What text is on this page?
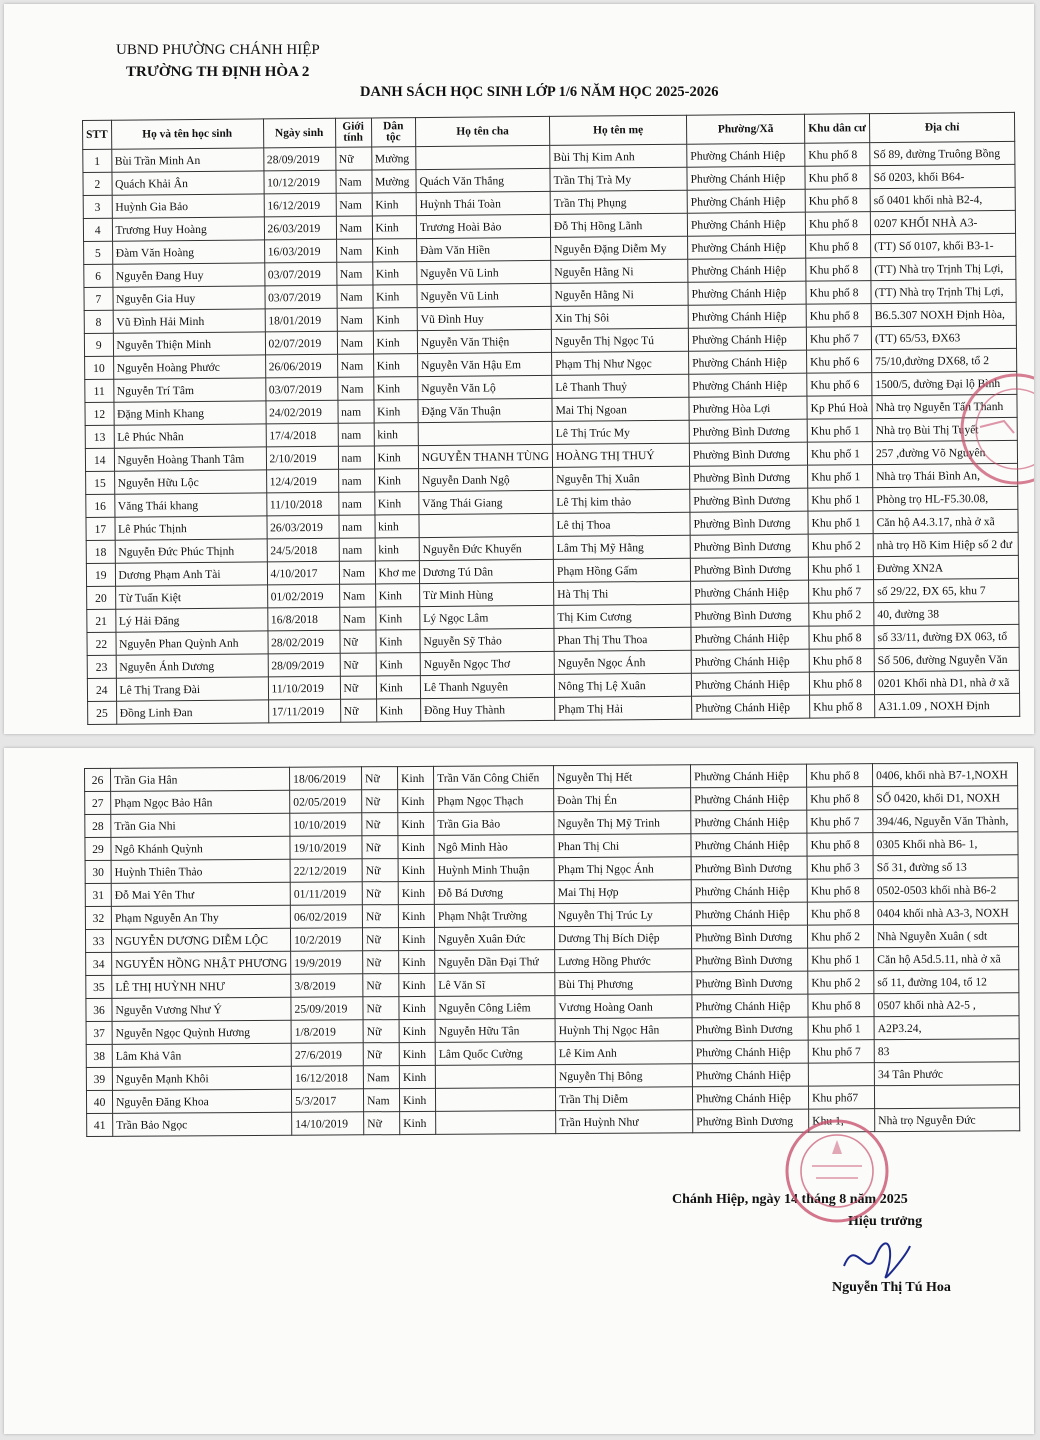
UBND PHƯỜNG CHÁNH HIỆP
TRƯỜNG TH ĐỊNH HÒA 2
DANH SÁCH HỌC SINH LỚP 1/6 NĂM HỌC 2025-2026
STT	Họ và tên học sinh	Ngày sinh	Giới tính	Dân tộc	Họ tên cha	Họ tên mẹ	Phường/Xã	Khu dân cư	Địa chỉ
1	Bùi Trần Minh An	28/09/2019	Nữ	Mường		Bùi Thị Kim Anh	Phường Chánh Hiệp	Khu phố 8	Số 89, đường Truông Bồng
2	Quách Khải Ân	10/12/2019	Nam	Mường	Quách Văn Thắng	Trần Thị Trà My	Phường Chánh Hiệp	Khu phố 8	Số 0203, khối B64-
3	Huỳnh Gia Bảo	16/12/2019	Nam	Kinh	Huỳnh Thái Toàn	Trần Thị Phụng	Phường Chánh Hiệp	Khu phố 8	số 0401 khối nhà B2-4,
4	Trương Huy Hoàng	26/03/2019	Nam	Kinh	Trương Hoài Bảo	Đỗ Thị Hồng Lãnh	Phường Chánh Hiệp	Khu phố 8	0207 KHỐI NHÀ A3-
5	Đàm Văn Hoàng	16/03/2019	Nam	Kinh	Đàm Văn Hiền	Nguyễn Đặng Diễm My	Phường Chánh Hiệp	Khu phố 8	(TT) Số 0107, khối B3-1-
6	Nguyễn Đang Huy	03/07/2019	Nam	Kinh	Nguyễn Vũ Linh	Nguyễn Hằng Ni	Phường Chánh Hiệp	Khu phố 8	(TT) Nhà trọ Trịnh Thị Lợi,
7	Nguyễn Gia Huy	03/07/2019	Nam	Kinh	Nguyễn Vũ Linh	Nguyễn Hằng Ni	Phường Chánh Hiệp	Khu phố 8	(TT) Nhà trọ Trịnh Thị Lợi,
8	Vũ Đình Hải Minh	18/01/2019	Nam	Kinh	Vũ Đình Huy	Xin Thị Sôi	Phường Chánh Hiệp	Khu phố 8	B6.5.307 NOXH Định Hòa,
9	Nguyễn Thiện Minh	02/07/2019	Nam	Kinh	Nguyễn Văn Thiện	Nguyễn Thị Ngọc Tú	Phường Chánh Hiệp	Khu phố 7	(TT) 65/53, ĐX63
10	Nguyễn Hoàng Phước	26/06/2019	Nam	Kinh	Nguyễn Văn Hậu Em	Phạm Thị Như Ngọc	Phường Chánh Hiệp	Khu phố 6	75/10,đường DX68, tổ 2
11	Nguyễn Trí Tâm	03/07/2019	Nam	Kinh	Nguyễn Văn Lộ	Lê Thanh Thuỷ	Phường Chánh Hiệp	Khu phố 6	1500/5, đường Đại lộ Bình
12	Đặng Minh Khang	24/02/2019	nam	Kinh	Đặng Văn Thuận	Mai Thị Ngoan	Phường Hòa Lợi	Kp Phú Hoà	Nhà trọ Nguyễn Tấn Thanh
13	Lê Phúc Nhân	17/4/2018	nam	kinh		Lê Thị Trúc My	Phường Bình Dương	Khu phố 1	Nhà trọ Bùi Thị Tuyết
14	Nguyễn Hoàng Thanh Tâm	2/10/2019	nam	Kinh	NGUYỄN THANH TÙNG	HOÀNG THỊ THUÝ	Phường Bình Dương	Khu phố 1	257 ,đường Võ Nguyên
15	Nguyễn Hữu Lộc	12/4/2019	nam	Kinh	Nguyễn Danh Ngộ	Nguyễn Thị Xuân	Phường Bình Dương	Khu phố 1	Nhà trọ Thái Bình An,
16	Văng Thái khang	11/10/2018	nam	Kinh	Văng Thái Giang	Lê Thị kim thảo	Phường Bình Dương	Khu phố 1	Phòng trọ HL-F5.30.08,
17	Lê Phúc Thịnh	26/03/2019	nam	kinh		Lê thị Thoa	Phường Bình Dương	Khu phố 1	Căn hộ A4.3.17, nhà ở xã
18	Nguyễn Đức Phúc Thịnh	24/5/2018	nam	kinh	Nguyễn Đức Khuyến	Lâm Thị Mỹ Hằng	Phường Bình Dương	Khu phố 2	nhà trọ Hồ Kim Hiệp số 2 đư
19	Dương Phạm Anh Tài	4/10/2017	Nam	Khơ me	Dương Tú Dân	Phạm Hồng Gấm	Phường Bình Dương	Khu phố 1	Đường XN2A
20	Từ Tuấn Kiệt	01/02/2019	Nam	Kinh	Từ Minh Hùng	Hà Thị Thi	Phường Chánh Hiệp	Khu phố 7	số 29/22, ĐX 65, khu 7
21	Lý Hải Đăng	16/8/2018	Nam	Kinh	Lý Ngọc Lâm	Thị Kim Cương	Phường Bình Dương	Khu phố 2	40, đường 38
22	Nguyễn Phan Quỳnh Anh	28/02/2019	Nữ	Kinh	Nguyễn Sỹ Thảo	Phan Thị Thu Thoa	Phường Chánh Hiệp	Khu phố 8	số 33/11, đường ĐX 063, tổ
23	Nguyễn Ánh Dương	28/09/2019	Nữ	Kinh	Nguyễn Ngọc Thơ	Nguyễn Ngọc Ánh	Phường Chánh Hiệp	Khu phố 8	Số 506, đường Nguyễn Văn
24	Lê Thị Trang Đài	11/10/2019	Nữ	Kinh	Lê Thanh Nguyên	Nông Thị Lệ Xuân	Phường Chánh Hiệp	Khu phố 8	0201 Khối nhà D1, nhà ở xã
25	Đồng Linh Đan	17/11/2019	Nữ	Kinh	Đồng Huy Thành	Phạm Thị Hải	Phường Chánh Hiệp	Khu phố 8	A31.1.09 , NOXH Định
26	Trần Gia Hân	18/06/2019	Nữ	Kinh	Trần Văn Công Chiến	Nguyễn Thị Hết	Phường Chánh Hiệp	Khu phố 8	0406, khối nhà B7-1,NOXH
27	Phạm Ngọc Bảo Hân	02/05/2019	Nữ	Kinh	Phạm Ngọc Thạch	Đoàn Thị Én	Phường Chánh Hiệp	Khu phố 8	SỐ 0420, khối D1, NOXH
28	Trần Gia Nhi	10/10/2019	Nữ	Kinh	Trần Gia Bảo	Nguyễn Thị Mỹ Trinh	Phường Chánh Hiệp	Khu phố 7	394/46, Nguyễn Văn Thành,
29	Ngô Khánh Quỳnh	19/10/2019	Nữ	Kinh	Ngô Minh Hào	Phan Thị Chi	Phường Chánh Hiệp	Khu phố 8	0305 Khối nhà B6- 1,
30	Huỳnh Thiên Thảo	22/12/2019	Nữ	Kinh	Huỳnh Minh Thuận	Phạm Thị Ngọc Ánh	Phường Bình Dương	Khu phố 3	Số 31, đường số 13
31	Đỗ Mai Yên Thư	01/11/2019	Nữ	Kinh	Đỗ Bá Dương	Mai Thị Hợp	Phường Chánh Hiệp	Khu phố 8	0502-0503 khối nhà B6-2
32	Phạm Nguyễn An Thy	06/02/2019	Nữ	Kinh	Phạm Nhật Trường	Nguyễn Thị Trúc Ly	Phường Chánh Hiệp	Khu phố 8	0404 khối nhà A3-3, NOXH
33	NGUYỄN DƯƠNG DIỄM LỘC	10/2/2019	Nữ	Kinh	Nguyễn Xuân Đức	Dương Thị Bích Diệp	Phường Bình Dương	Khu phố 2	Nhà Nguyễn Xuân ( sdt
34	NGUYỄN HỒNG NHẬT PHƯƠNG	19/9/2019	Nữ	Kinh	Nguyễn Dần Đại Thứ	Lương Hồng Phước	Phường Bình Dương	Khu phố 1	Căn hộ A5d.5.11, nhà ở xã
35	LÊ THỊ HUỲNH NHƯ	3/8/2019	Nữ	Kinh	Lê Văn Sĩ	Bùi Thị Phương	Phường Bình Dương	Khu phố 2	số 11, đường 104, tổ 12
36	Nguyễn Vương Như Ý	25/09/2019	Nữ	Kinh	Nguyễn Công Liêm	Vương Hoàng Oanh	Phường Chánh Hiệp	Khu phố 8	0507 khối nhà A2-5 ,
37	Nguyễn Ngọc Quỳnh Hương	1/8/2019	Nữ	Kinh	Nguyễn Hữu Tân	Huỳnh Thị Ngọc Hân	Phường Bình Dương	Khu phố 1	A2P3.24,
38	Lâm Khả Vân	27/6/2019	Nữ	Kinh	Lâm Quốc Cường	Lê Kim Anh	Phường Chánh Hiệp	Khu phố 7	83
39	Nguyễn Mạnh Khôi	16/12/2018	Nam	Kinh		Nguyễn Thị Bông	Phường Chánh Hiệp		34 Tân Phước
40	Nguyễn Đăng Khoa	5/3/2017	Nam	Kinh		Trần Thị Diễm	Phường Chánh Hiệp	Khu phố7	
41	Trần Bảo Ngọc	14/10/2019	Nữ	Kinh		Trần Huỳnh Như	Phường Bình Dương	Khu 1,	Nhà trọ Nguyễn Đức
Chánh Hiệp, ngày 14 tháng 8 năm 2025
Hiệu trưởng
Nguyễn Thị Tú Hoa
